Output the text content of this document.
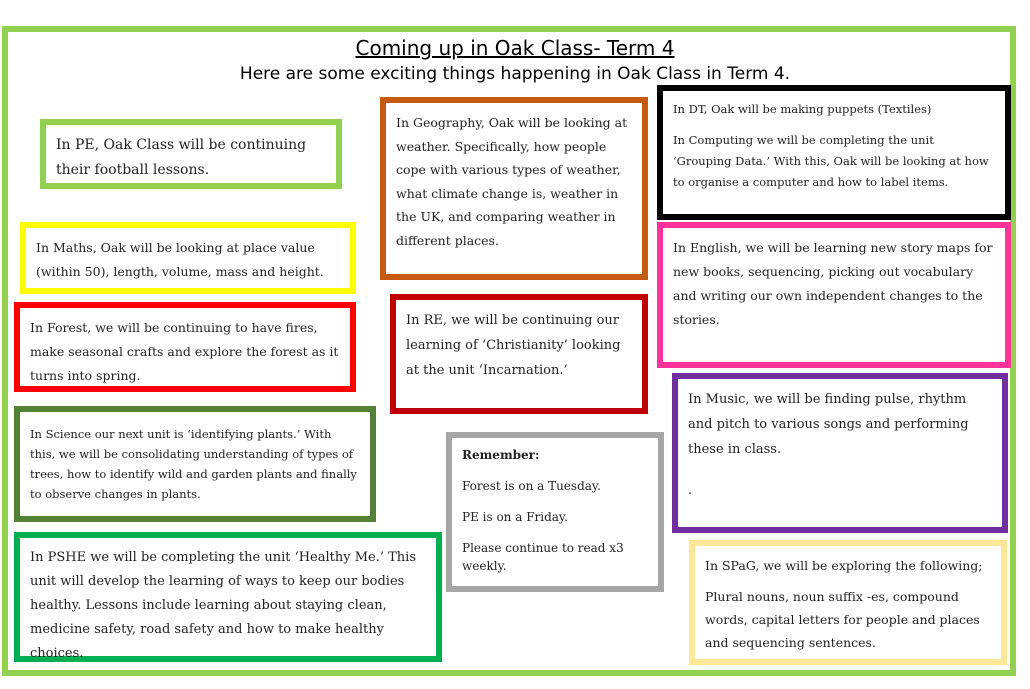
Coming up in Oak Class- Term 4
Here are some exciting things happening in Oak Class in Term 4.

In PE, Oak Class will be continuing their football lessons.

In Maths, Oak will be looking at place value (within 50), length, volume, mass and height.

In Forest, we will be continuing to have fires, make seasonal crafts and explore the forest as it turns into spring.

In Science our next unit is ‘identifying plants.’ With this, we will be consolidating understanding of types of trees, how to identify wild and garden plants and finally to observe changes in plants.

In PSHE we will be completing the unit ‘Healthy Me.’ This unit will develop the learning of ways to keep our bodies healthy. Lessons include learning about staying clean, medicine safety, road safety and how to make healthy choices.

In Geography, Oak will be looking at weather. Specifically, how people cope with various types of weather, what climate change is, weather in the UK, and comparing weather in different places.

In RE, we will be continuing our learning of ‘Christianity’ looking at the unit ‘Incarnation.’

Remember:

Forest is on a Tuesday.

PE is on a Friday.

Please continue to read x3 weekly.

In DT, Oak will be making puppets (Textiles)

In Computing we will be completing the unit ‘Grouping Data.’ With this, Oak will be looking at how to organise a computer and how to label items.

In English, we will be learning new story maps for new books, sequencing, picking out vocabulary and writing our own independent changes to the stories.

In Music, we will be finding pulse, rhythm and pitch to various songs and performing these in class.

.

In SPaG, we will be exploring the following;

Plural nouns, noun suffix -es, compound words, capital letters for people and places and sequencing sentences.
